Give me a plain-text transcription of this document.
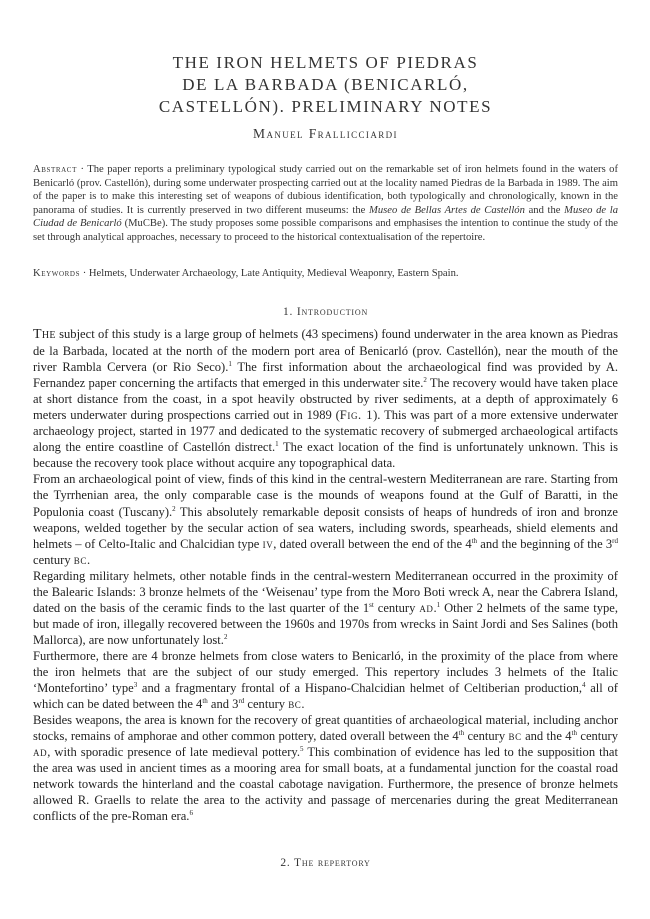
THE IRON HELMETS OF PIEDRAS
DE LA BARBADA (BENICARLÓ,
CASTELLÓN). PRELIMINARY NOTES
Manuel Frallicciardi
Abstract · The paper reports a preliminary typological study carried out on the remarkable set of iron helmets found in the waters of Benicarló (prov. Castellón), during some underwater prospecting carried out at the locality named Piedras de la Barbada in 1989. The aim of the paper is to make this interesting set of weapons of dubious identification, both typologically and chronologically, known in the panorama of studies. It is currently preserved in two different museums: the Museo de Bellas Artes de Castellón and the Museo de la Ciudad de Benicarló (MuCBe). The study proposes some possible comparisons and emphasises the intention to continue the study of the set through analytical approaches, necessary to proceed to the historical contextualisation of the repertoire.
Keywords · Helmets, Underwater Archaeology, Late Antiquity, Medieval Weaponry, Eastern Spain.
1. Introduction

The subject of this study is a large group of helmets (43 specimens) found underwater in the area known as Piedras de la Barbada, located at the north of the modern port area of Benicarló (prov. Castellón), near the mouth of the river Rambla Cervera (or Rio Seco).$^1$ The first information about the archaeological find was provided by A. Fernandez paper concerning the artifacts that emerged in this underwater site.$^2$ The recovery would have taken place at short distance from the coast, in a spot heavily obstructed by river sediments, at a depth of approximately 6 meters underwater during prospections carried out in 1989 (Fig. 1). This was part of a more extensive underwater archaeology project, started in 1977 and dedicated to the systematic recovery of submerged archaeological artifacts along the entire coastline of Castellón distrect.$^1$ The exact location of the find is unfortunately unknown. This is because the recovery took place without acquire any topographical data.

From an archaeological point of view, finds of this kind in the central-western Mediterranean are rare. Starting from the Tyrrhenian area, the only comparable case is the mounds of weapons found at the Gulf of Baratti, in the Populonia coast (Tuscany).$^2$ This absolutely remarkable deposit consists of heaps of hundreds of iron and bronze weapons, welded together by the secular action of sea waters, including swords, spearheads, shield elements and helmets – of Celto-Italic and Chalcidian type iv, dated overall between the end of the 4th and the beginning of the 3rd century bc.

Regarding military helmets, other notable finds in the central-western Mediterranean occurred in the proximity of the Balearic Islands: 3 bronze helmets of the ‘Weisenau’ type from the Moro Boti wreck A, near the Cabrera Island, dated on the basis of the ceramic finds to the last quarter of the 1st century ad.$^1$ Other 2 helmets of the same type, but made of iron, illegally recovered between the 1960s and 1970s from wrecks in Saint Jordi and Ses Salines (both Mallorca), are now unfortunately lost.$^2$

Furthermore, there are 4 bronze helmets from close waters to Benicarló, in the proximity of the place from where the iron helmets that are the subject of our study emerged. This repertory includes 3 helmets of the Italic ‘Montefortino’ type$^3$ and a fragmentary frontal of a Hispano-Chalcidian helmet of Celtiberian production,$^4$ all of which can be dated between the 4th and 3rd century bc.

Besides weapons, the area is known for the recovery of great quantities of archaeological material, including anchor stocks, remains of amphorae and other common pottery, dated overall between the 4th century bc and the 4th century ad, with sporadic presence of late medieval pottery.$^5$ This combination of evidence has led to the supposition that the area was used in ancient times as a mooring area for small boats, at a fundamental junction for the coastal road network towards the hinterland and the coastal cabotage navigation. Furthermore, the presence of bronze helmets allowed R. Graells to relate the area to the activity and passage of mercenaries during the great Mediterranean conflicts of the pre-Roman era.$^6$

2. The repertory
